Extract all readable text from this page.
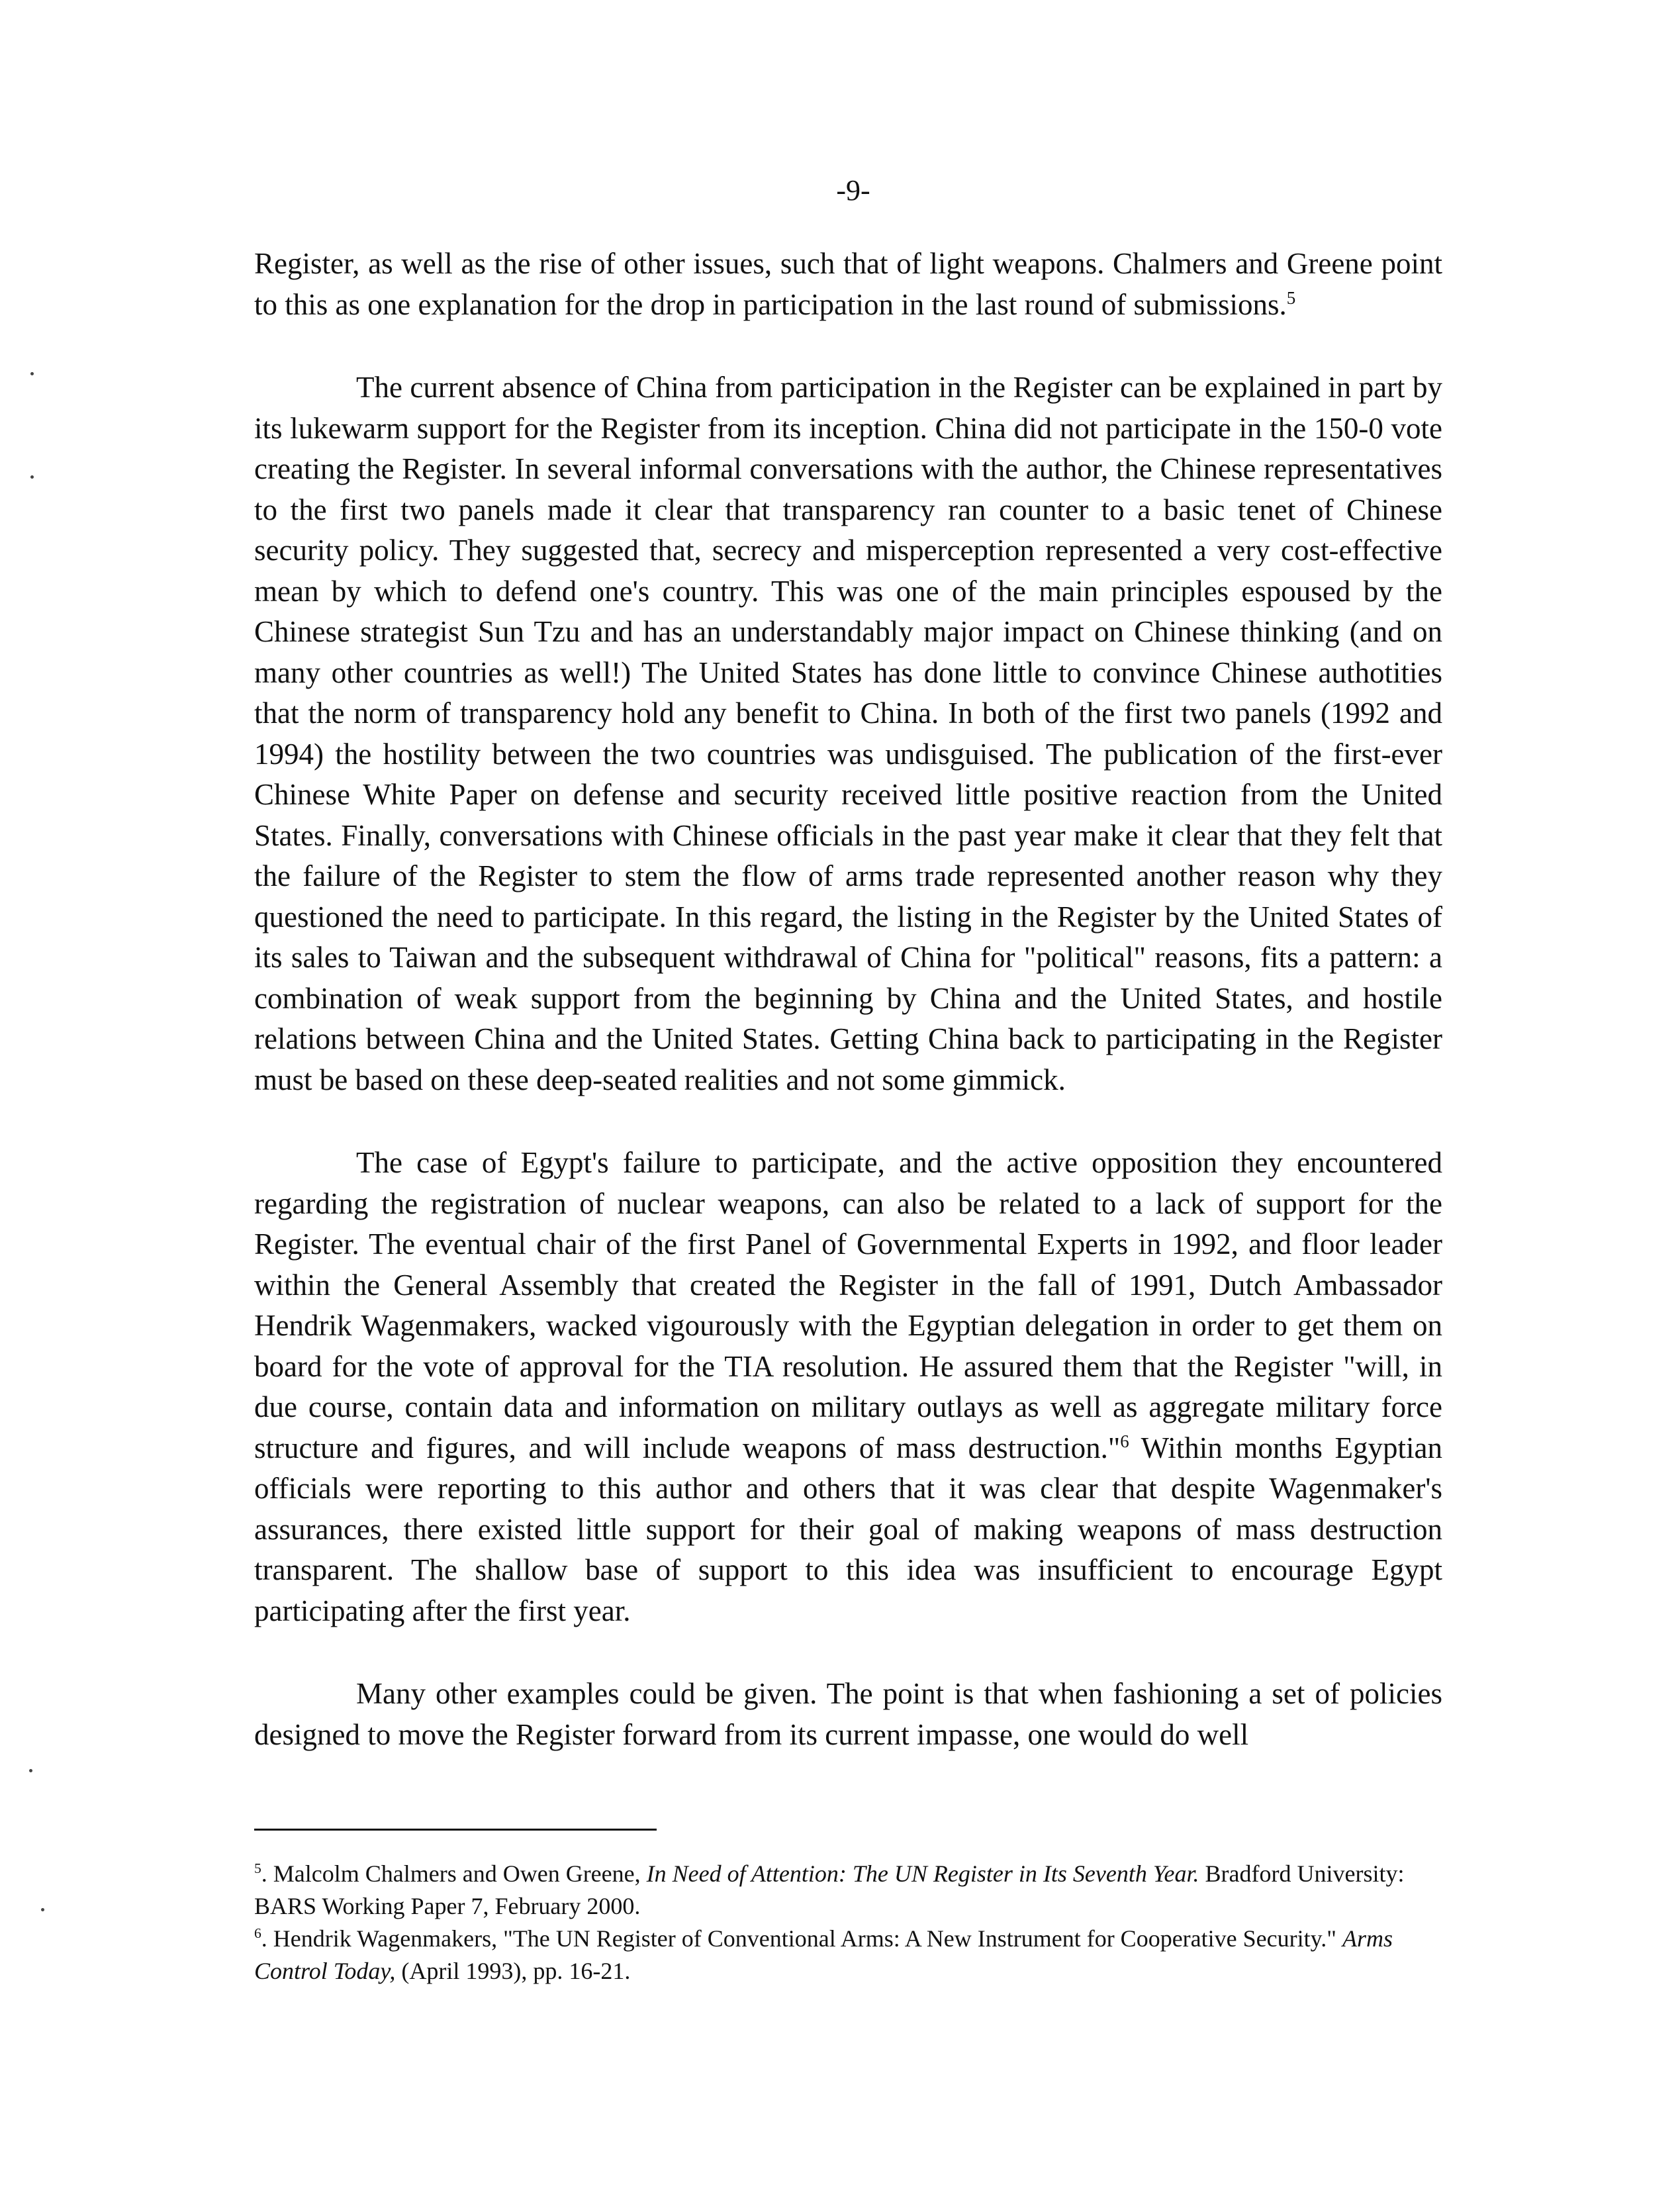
-9-

Register, as well as the rise of other issues, such that of light weapons. Chalmers and Greene point to this as one explanation for the drop in participation in the last round of submissions.$^5$

The current absence of China from participation in the Register can be explained in part by its lukewarm support for the Register from its inception. China did not participate in the 150-0 vote creating the Register. In several informal conversations with the author, the Chinese representatives to the first two panels made it clear that transparency ran counter to a basic tenet of Chinese security policy. They suggested that, secrecy and misperception represented a very cost-effective mean by which to defend one's country. This was one of the main principles espoused by the Chinese strategist Sun Tzu and has an understandably major impact on Chinese thinking (and on many other countries as well!) The United States has done little to convince Chinese authotities that the norm of transparency hold any benefit to China. In both of the first two panels (1992 and 1994) the hostility between the two countries was undisguised. The publication of the first-ever Chinese White Paper on defense and security received little positive reaction from the United States. Finally, conversations with Chinese officials in the past year make it clear that they felt that the failure of the Register to stem the flow of arms trade represented another reason why they questioned the need to participate. In this regard, the listing in the Register by the United States of its sales to Taiwan and the subsequent withdrawal of China for "political" reasons, fits a pattern: a combination of weak support from the beginning by China and the United States, and hostile relations between China and the United States. Getting China back to participating in the Register must be based on these deep-seated realities and not some gimmick.

The case of Egypt's failure to participate, and the active opposition they encountered regarding the registration of nuclear weapons, can also be related to a lack of support for the Register. The eventual chair of the first Panel of Governmental Experts in 1992, and floor leader within the General Assembly that created the Register in the fall of 1991, Dutch Ambassador Hendrik Wagenmakers, wacked vigourously with the Egyptian delegation in order to get them on board for the vote of approval for the TIA resolution. He assured them that the Register "will, in due course, contain data and information on military outlays as well as aggregate military force structure and figures, and will include weapons of mass destruction."$^6$ Within months Egyptian officials were reporting to this author and others that it was clear that despite Wagenmaker's assurances, there existed little support for their goal of making weapons of mass destruction transparent. The shallow base of support to this idea was insufficient to encourage Egypt participating after the first year.

Many other examples could be given. The point is that when fashioning a set of policies designed to move the Register forward from its current impasse, one would do well

$^5$. Malcolm Chalmers and Owen Greene, In Need of Attention: The UN Register in Its Seventh Year. Bradford University: BARS Working Paper 7, February 2000.

$^6$. Hendrik Wagenmakers, "The UN Register of Conventional Arms: A New Instrument for Cooperative Security." Arms Control Today, (April 1993), pp. 16-21.
